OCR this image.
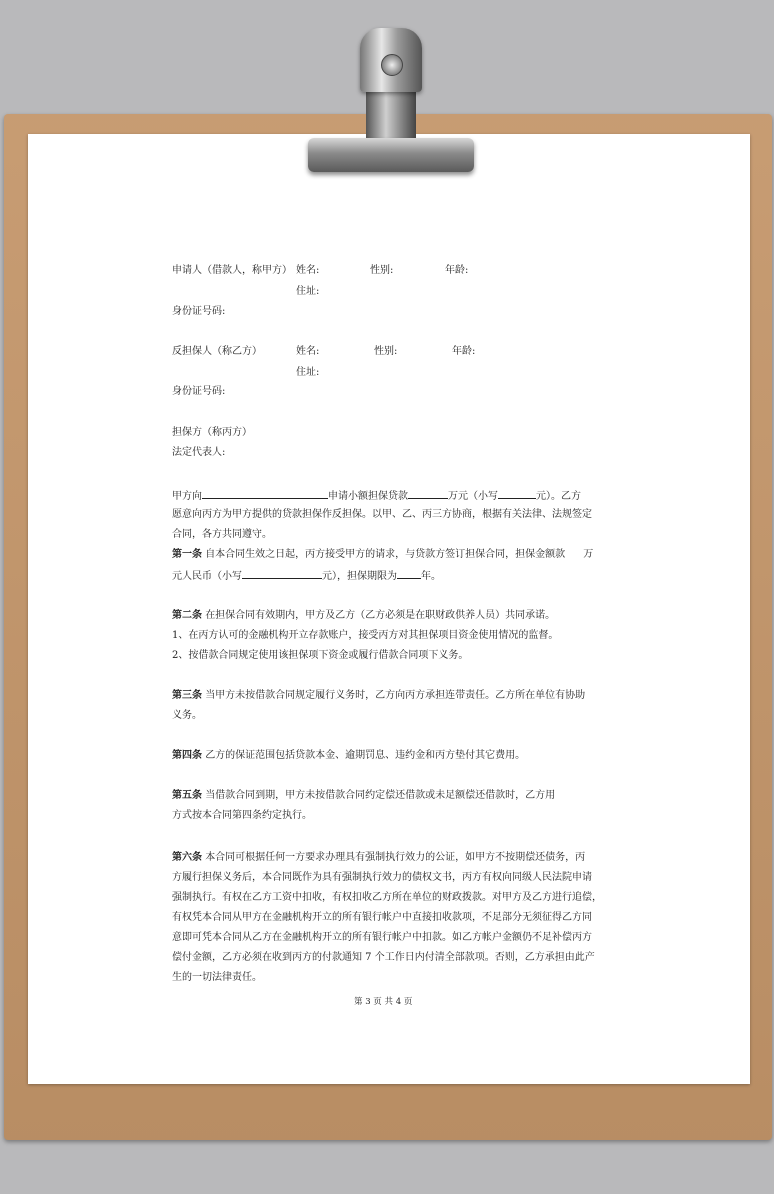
申请人（借款人，称甲方） 姓名:	性别:	年龄:
住址:
身份证号码:
反担保人（称乙方）	姓名:	性别:	年龄:
住址:
身份证号码:
担保方（称丙方）
法定代表人:
甲方向	申请小额担保贷款	万元（小写	元）。乙方
愿意向丙方为甲方提供的贷款担保作反担保。以甲、乙、丙三方协商，根据有关法律、法规签定
合同，各方共同遵守。
第一条 自本合同生效之日起，丙方接受甲方的请求，与贷款方签订担保合同，担保金额款 万
元人民币（小写	元），担保期限为 年。
第二条 在担保合同有效期内，甲方及乙方（乙方必须是在职财政供养人员）共同承诺。
1、在丙方认可的金融机构开立存款账户，接受丙方对其担保项目资金使用情况的监督。
2、按借款合同规定使用该担保项下资金或履行借款合同项下义务。
第三条 当甲方未按借款合同规定履行义务时，乙方向丙方承担连带责任。乙方所在单位有协助
义务。
第四条 乙方的保证范围包括贷款本金、逾期罚息、违约金和丙方垫付其它费用。
第五条 当借款合同到期，甲方未按借款合同约定偿还借款或未足额偿还借款时，乙方用
方式按本合同第四条约定执行。
第六条 本合同可根据任何一方要求办理具有强制执行效力的公证，如甲方不按期偿还债务，丙
方履行担保义务后，本合同既作为具有强制执行效力的债权文书，丙方有权向同级人民法院申请
强制执行。有权在乙方工资中扣收，有权扣收乙方所在单位的财政拨款。对甲方及乙方进行追偿，
有权凭本合同从甲方在金融机构开立的所有银行帐户中直接扣收款项，不足部分无须征得乙方同
意即可凭本合同从乙方在金融机构开立的所有银行帐户中扣款。如乙方帐户金额仍不足补偿丙方
偿付金额，乙方必须在收到丙方的付款通知 7 个工作日内付清全部款项。否则，乙方承担由此产
生的一切法律责任。
第 3 页 共 4 页
